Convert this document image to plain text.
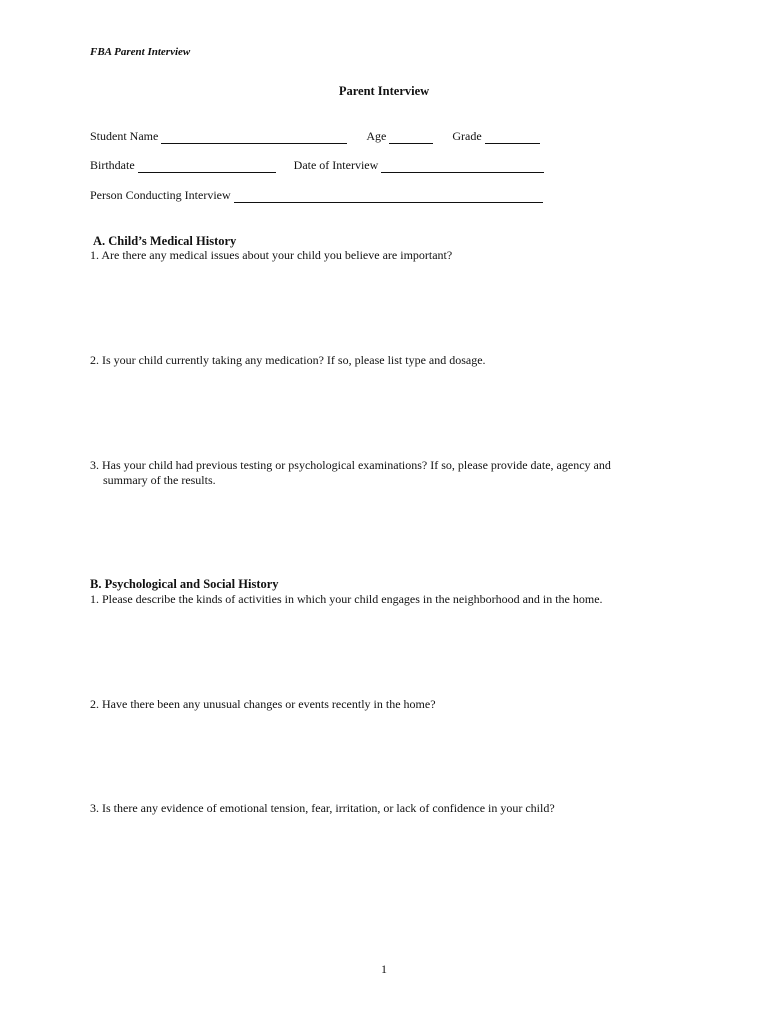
FBA Parent Interview
Parent Interview
Student Name	Age	Grade
Birthdate	Date of Interview
Person Conducting Interview
A. Child’s Medical History
1. Are there any medical issues about your child you believe are important?
2. Is your child currently taking any medication? If so, please list type and dosage.
3. Has your child had previous testing or psychological examinations? If so, please provide date, agency and
summary of the results.
B. Psychological and Social History
1. Please describe the kinds of activities in which your child engages in the neighborhood and in the home.
2. Have there been any unusual changes or events recently in the home?
3. Is there any evidence of emotional tension, fear, irritation, or lack of confidence in your child?
1
